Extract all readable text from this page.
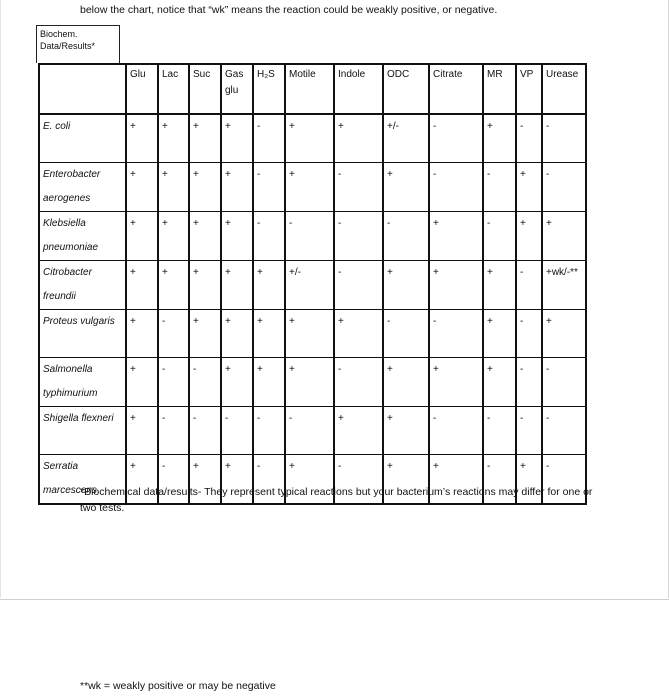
below the chart, notice that “wk” means the reaction could be weakly positive, or negative.
Biochem.
Data/Results*
	Glu	Lac	Suc	Gas glu	H₂S	Motile	Indole	ODC	Citrate	MR	VP	Urease
E. coli	+	+	+	+	-	+	+	+/-	-	+	-	-
Enterobacter aerogenes	+	+	+	+	-	+	-	+	-	-	+	-
Klebsiella pneumoniae	+	+	+	+	-	-	-	-	+	-	+	+
Citrobacter freundii	+	+	+	+	+	+/-	-	+	+	+	-	+wk/-**
Proteus vulgaris	+	-	+	+	+	+	+	-	-	+	-	+
Salmonella typhimurium	+	-	-	+	+	+	-	+	+	+	-	-
Shigella flexneri	+	-	-	-	-	-	+	+	-	-	-	-
Serratia marcescens	+	-	+	+	-	+	-	+	+	-	+	-
*Biochemical data/results- They represent typical reactions but your bacterium’s reactions may differ for one or two tests.
**wk = weakly positive or may be negative
